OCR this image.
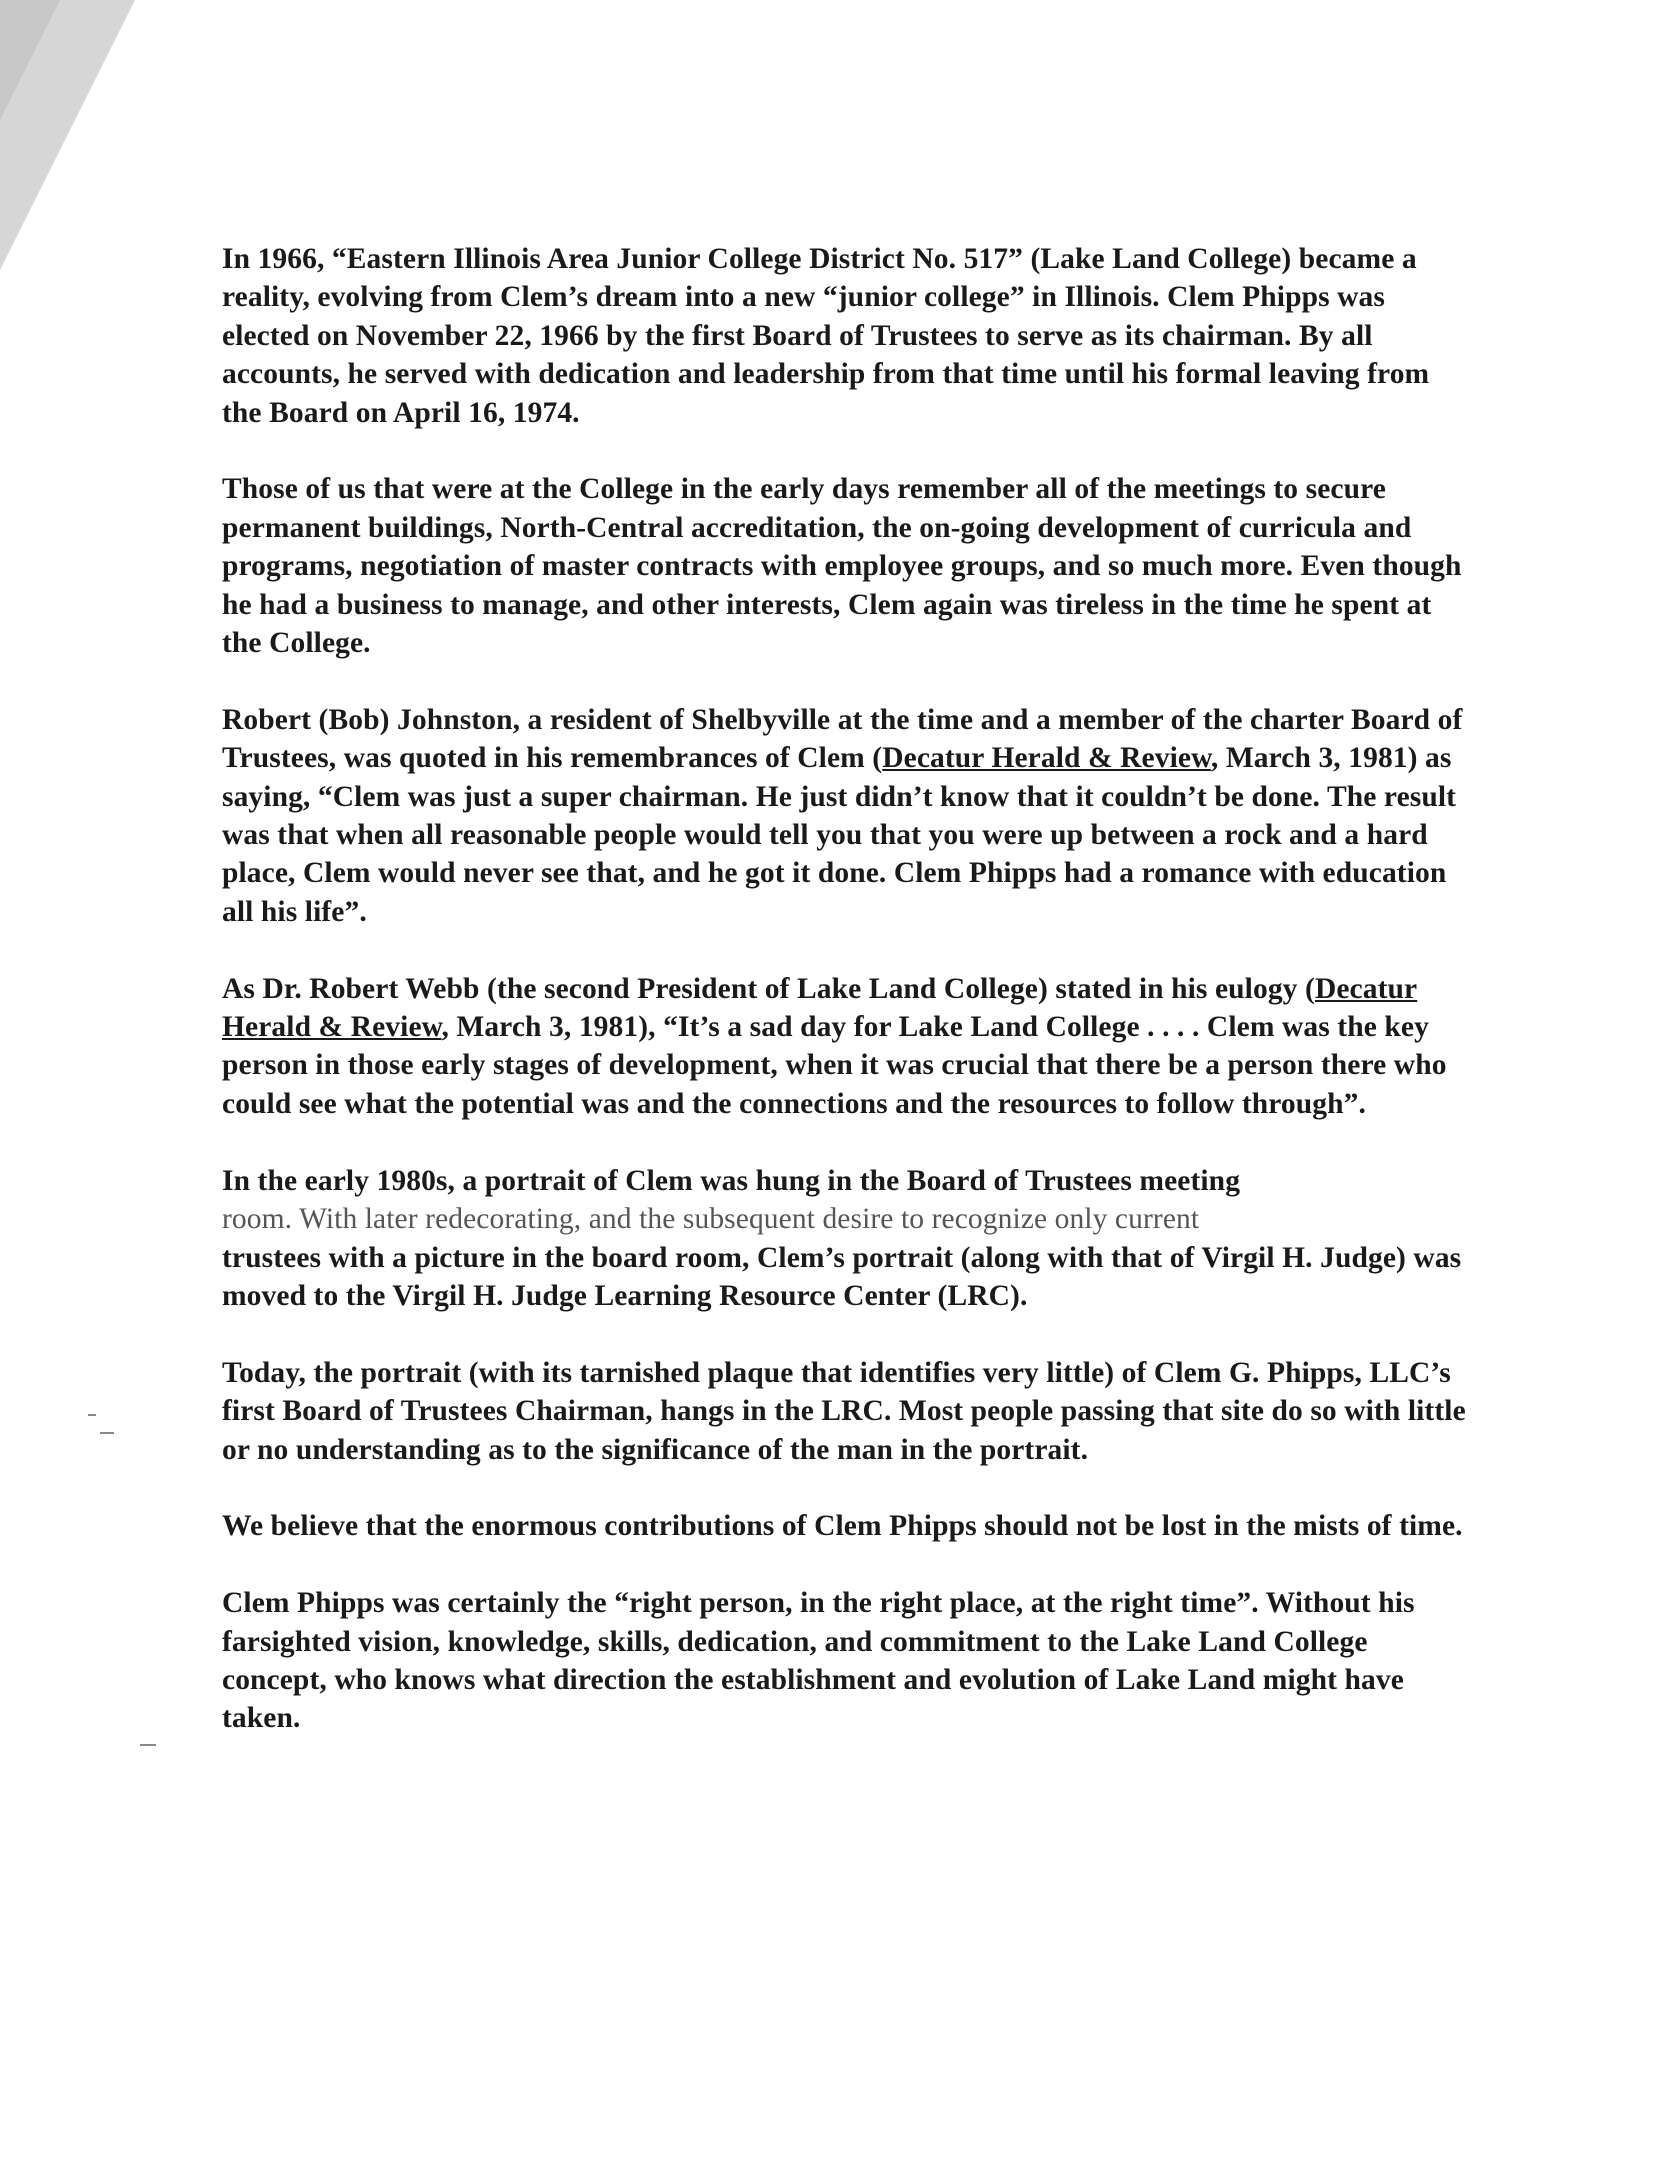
In 1966, “Eastern Illinois Area Junior College District No. 517” (Lake Land College) became a reality, evolving from Clem’s dream into a new “junior college” in Illinois. Clem Phipps was elected on November 22, 1966 by the first Board of Trustees to serve as its chairman. By all accounts, he served with dedication and leadership from that time until his formal leaving from the Board on April 16, 1974.

Those of us that were at the College in the early days remember all of the meetings to secure permanent buildings, North-Central accreditation, the on-going development of curricula and programs, negotiation of master contracts with employee groups, and so much more. Even though he had a business to manage, and other interests, Clem again was tireless in the time he spent at the College.

Robert (Bob) Johnston, a resident of Shelbyville at the time and a member of the charter Board of Trustees, was quoted in his remembrances of Clem (Decatur Herald & Review, March 3, 1981) as saying, “Clem was just a super chairman. He just didn’t know that it couldn’t be done. The result was that when all reasonable people would tell you that you were up between a rock and a hard place, Clem would never see that, and he got it done. Clem Phipps had a romance with education all his life”.

As Dr. Robert Webb (the second President of Lake Land College) stated in his eulogy (Decatur Herald & Review, March 3, 1981), “It’s a sad day for Lake Land College . . . . Clem was the key person in those early stages of development, when it was crucial that there be a person there who could see what the potential was and the connections and the resources to follow through”.

In the early 1980s, a portrait of Clem was hung in the Board of Trustees meeting
room. With later redecorating, and the subsequent desire to recognize only current
trustees with a picture in the board room, Clem’s portrait (along with that of Virgil H. Judge) was moved to the Virgil H. Judge Learning Resource Center (LRC).

Today, the portrait (with its tarnished plaque that identifies very little) of Clem G. Phipps, LLC’s first Board of Trustees Chairman, hangs in the LRC. Most people passing that site do so with little or no understanding as to the significance of the man in the portrait.

We believe that the enormous contributions of Clem Phipps should not be lost in the mists of time.

Clem Phipps was certainly the “right person, in the right place, at the right time”. Without his farsighted vision, knowledge, skills, dedication, and commitment to the Lake Land College concept, who knows what direction the establishment and evolution of Lake Land might have taken.
